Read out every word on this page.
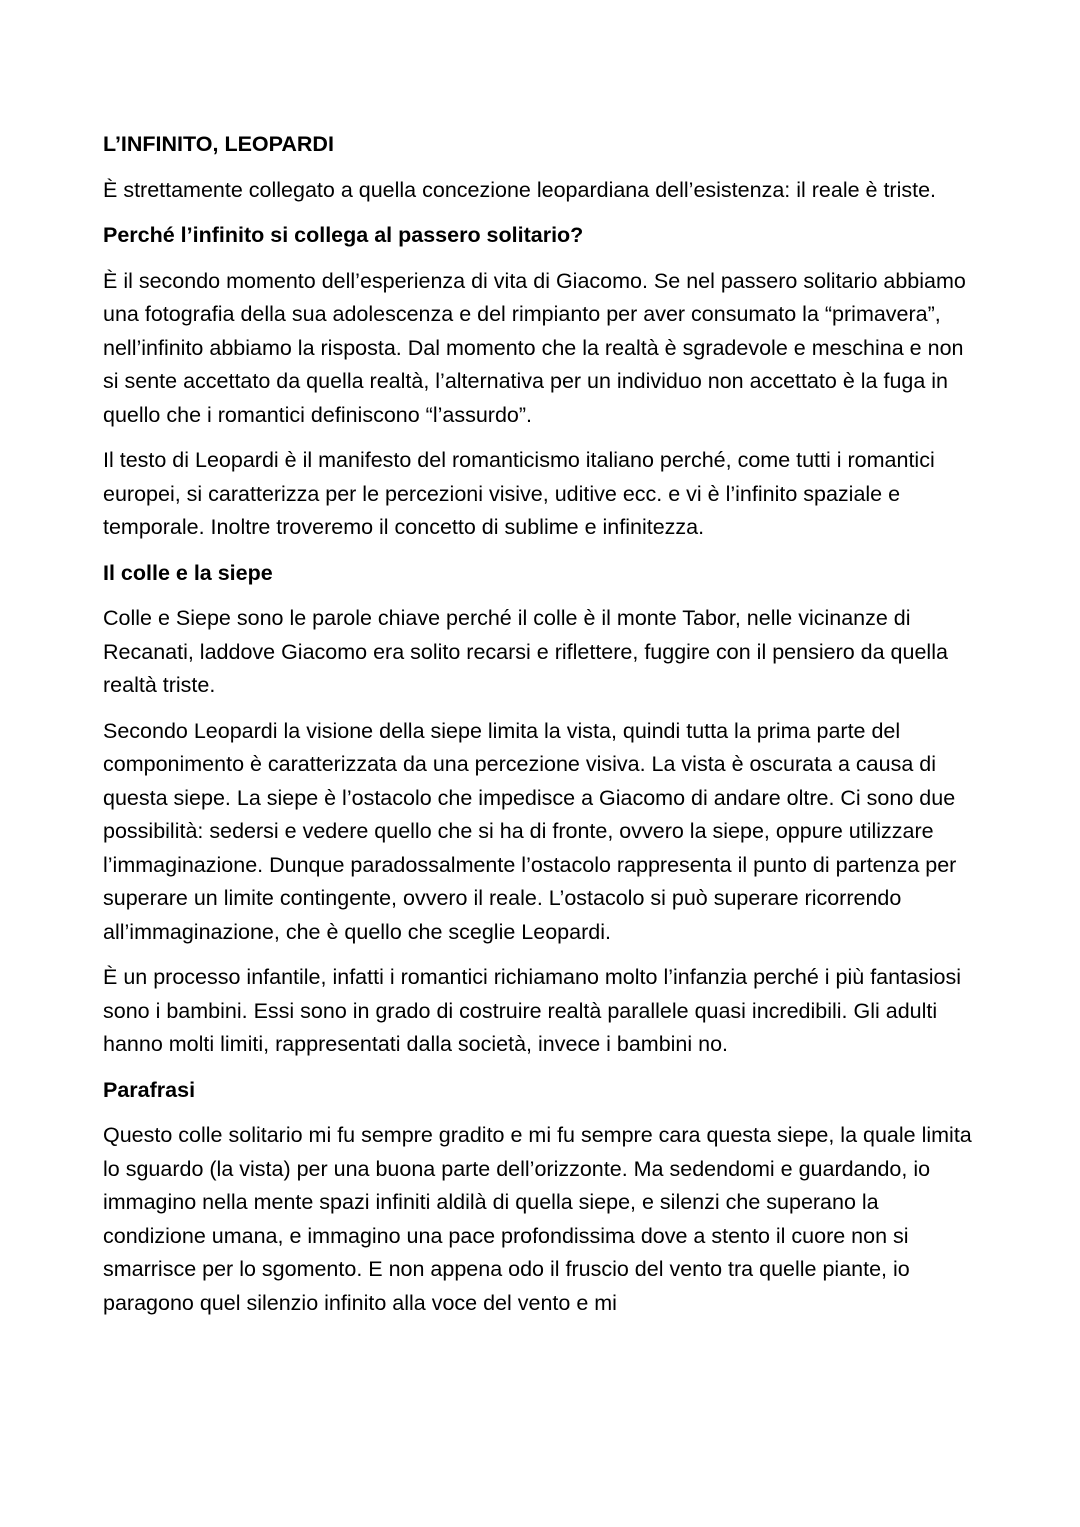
L’INFINITO, LEOPARDI
È strettamente collegato a quella concezione leopardiana dell’esistenza: il reale è triste.
Perché l’infinito si collega al passero solitario?
È il secondo momento dell’esperienza di vita di Giacomo. Se nel passero solitario abbiamo una fotografia della sua adolescenza e del rimpianto per aver consumato la “primavera”, nell’infinito abbiamo la risposta. Dal momento che la realtà è sgradevole e meschina e non si sente accettato da quella realtà, l’alternativa per un individuo non accettato è la fuga in quello che i romantici definiscono “l’assurdo”.
Il testo di Leopardi è il manifesto del romanticismo italiano perché, come tutti i romantici europei, si caratterizza per le percezioni visive, uditive ecc. e vi è l’infinito spaziale e temporale. Inoltre troveremo il concetto di sublime e infinitezza.
Il colle e la siepe
Colle e Siepe sono le parole chiave perché il colle è il monte Tabor, nelle vicinanze di Recanati, laddove Giacomo era solito recarsi e riflettere, fuggire con il pensiero da quella realtà triste.
Secondo Leopardi la visione della siepe limita la vista, quindi tutta la prima parte del componimento è caratterizzata da una percezione visiva. La vista è oscurata a causa di questa siepe. La siepe è l’ostacolo che impedisce a Giacomo di andare oltre. Ci sono due possibilità: sedersi e vedere quello che si ha di fronte, ovvero la siepe, oppure utilizzare l’immaginazione. Dunque paradossalmente l’ostacolo rappresenta il punto di partenza per superare un limite contingente, ovvero il reale. L’ostacolo si può superare ricorrendo all’immaginazione, che è quello che sceglie Leopardi.
È un processo infantile, infatti i romantici richiamano molto l’infanzia perché i più fantasiosi sono i bambini. Essi sono in grado di costruire realtà parallele quasi incredibili. Gli adulti hanno molti limiti, rappresentati dalla società, invece i bambini no.
Parafrasi
Questo colle solitario mi fu sempre gradito e mi fu sempre cara questa siepe, la quale limita lo sguardo (la vista) per una buona parte dell’orizzonte. Ma sedendomi e guardando, io immagino nella mente spazi infiniti aldilà di quella siepe, e silenzi che superano la condizione umana, e immagino una pace profondissima dove a stento il cuore non si smarrisce per lo sgomento. E non appena odo il fruscio del vento tra quelle piante, io paragono quel silenzio infinito alla voce del vento e mi
